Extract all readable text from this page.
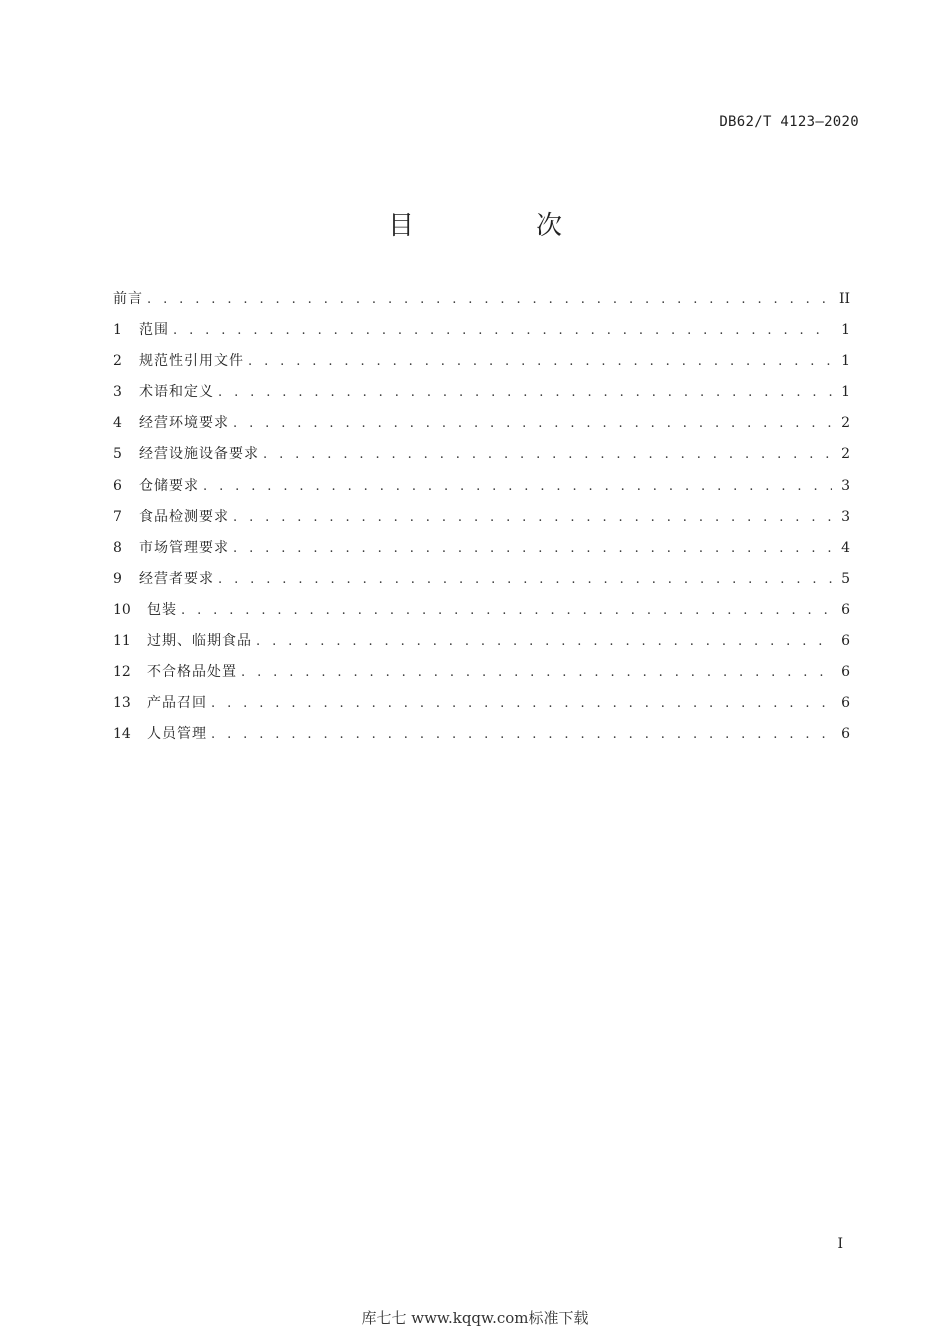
DB62/T 4123—2020
目　次
前言 . . .	II
1	范围 . . .	1
2	规范性引用文件 . . .	1
3	术语和定义 . . .	1
4	经营环境要求 . . .	2
5	经营设施设备要求 . . .	2
6	仓储要求 . . .	3
7	食品检测要求 . . .	3
8	市场管理要求 . . .	4
9	经营者要求 . . .	5
10	包装 . . .	6
11	过期、临期食品 . . .	6
12	不合格品处置 . . .	6
13	产品召回 . . .	6
14	人员管理 . . .	6
I
库七七 www.kqqw.com标准下载
